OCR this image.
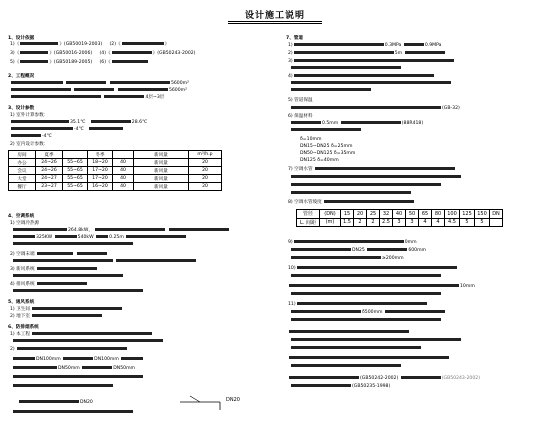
设计施工说明
1、设计依据
1)《	》(GB50019-2003) (2)《	》
3)《	》(GB50016-2006) (4)《	》(GB50243-2002)
5)《	》(GB50189-2005) (6)《
2、工程概况
5600m²
5600m²
4层~3层
3、设计参数
1) 室外计算参数：
35.1℃	28.6℃
-4℃
-4℃
2) 室内设计参数：
房间	夏季		冬季		新风量	m³/h.p
办公	24~26	55~65	18~20	40	新风量	20
会议	24~26	55~65	17~20	40	新风量	20
大堂	24~27	55~65	17~20	40	新风量	20
餐厅	23~27	55~65	16~20	40	新风量	20
4、空调系统
1) 空调冷热源
264.8kW，
325KW	540kW	0.25m
2) 空调末端

3) 新风系统
4) 排风系统
5、通风系统
1) 卫生间
2) 地下室
6、防排烟系统
1) 本工程
2)
DN100mm	DN100mm
DN50mm	DN50mm
DN20
DN20
7、管道
1)	0.3MPa	0.9MPa
2)	5m
3)
4)
5) 管道保温
(GB-32)
6) 保温材料
0.5mm	(88R418)
δ=10mm
DN15~DN25 δ=25mm
DN50~DN125 δ=35mm
DN125 δ=40mm
7) 空调水管
8) 空调水管坡度
管径	(DN)	15	20	25	32	40	50	65	80	100	125	150	DN
L. 间距	(m)	1.5	2	2	2.5	3	3	4	4	4.5	5	5	
9)	0mm
DN25	600mm
≥200mm
10)
10mm
11)
δ500mm
(GB50242-2002)	(GB50243-2002)
(GB50235-1998)
